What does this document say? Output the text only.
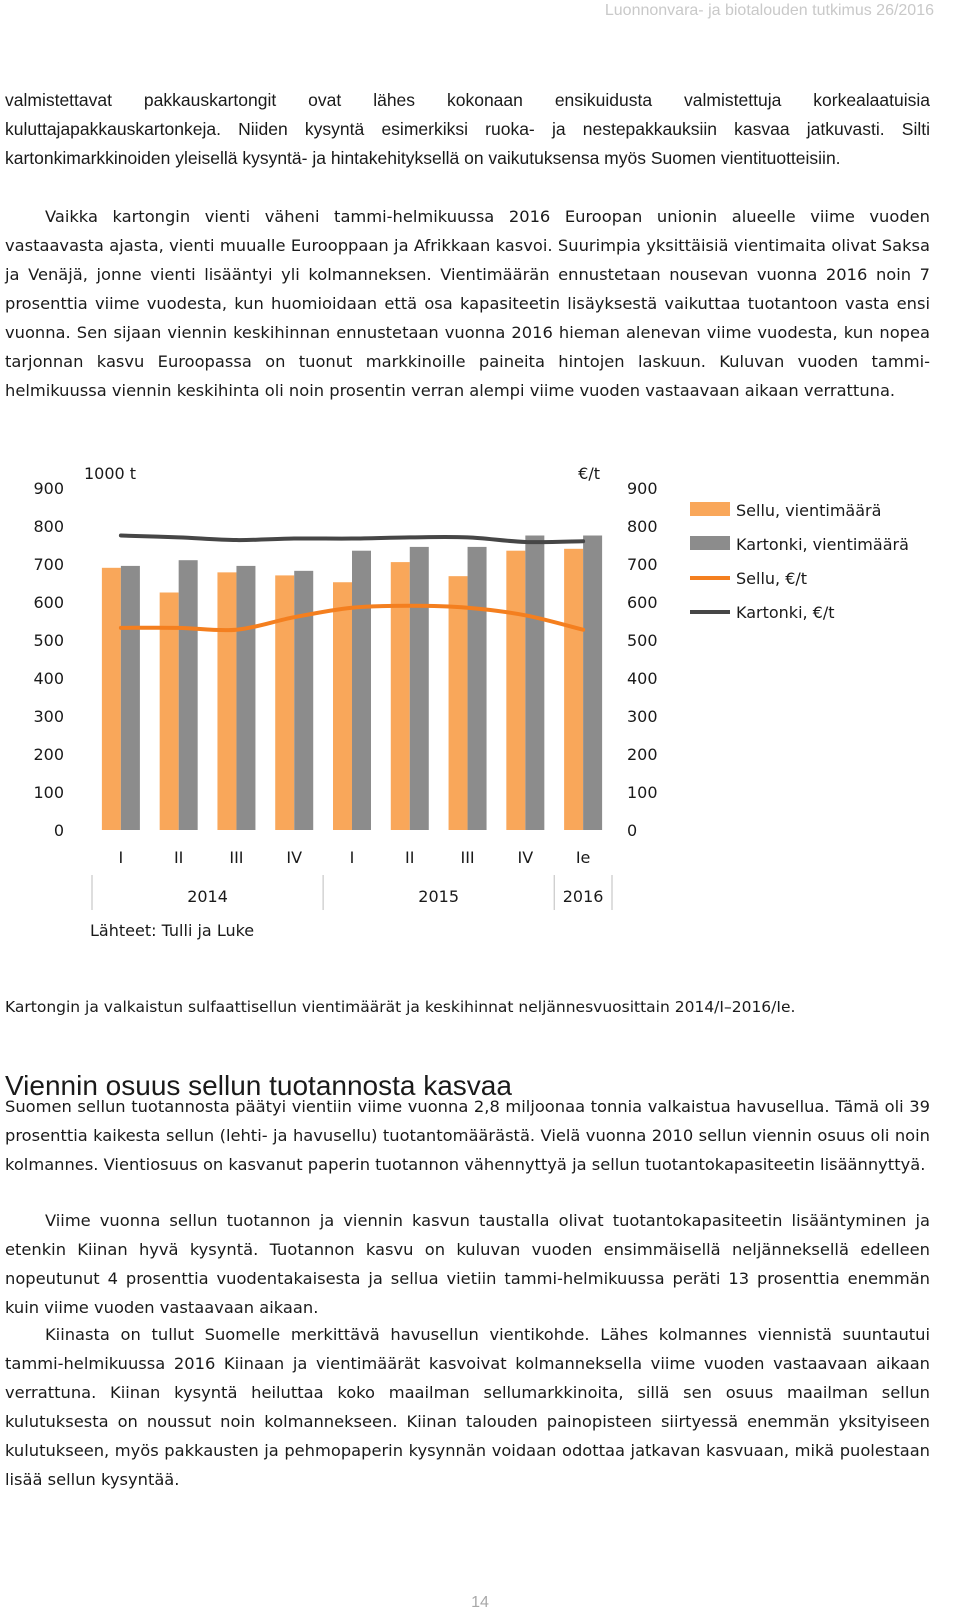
Luonnonvara- ja biotalouden tutkimus 26/2016

valmistettavat pakkauskartongit ovat lähes kokonaan ensikuidusta valmistettuja korkealaatuisia kuluttajapakkauskartonkeja. Niiden kysyntä esimerkiksi ruoka- ja nestepakkauksiin kasvaa jatkuvasti. Silti kartonkimarkkinoiden yleisellä kysyntä- ja hintakehityksellä on vaikutuksensa myös Suomen vientituotteisiin.

Vaikka kartongin vienti väheni tammi-helmikuussa 2016 Euroopan unionin alueelle viime vuoden vastaavasta ajasta, vienti muualle Eurooppaan ja Afrikkaan kasvoi. Suurimpia yksittäisiä vientimaita olivat Saksa ja Venäjä, jonne vienti lisääntyi yli kolmanneksen. Vientimäärän ennustetaan nousevan vuonna 2016 noin 7 prosenttia viime vuodesta, kun huomioidaan että osa kapasiteetin lisäyksestä vaikuttaa tuotantoon vasta ensi vuonna. Sen sijaan viennin keskihinnan ennustetaan vuonna 2016 hieman alenevan viime vuodesta, kun nopea tarjonnan kasvu Euroopassa on tuonut markkinoille paineita hintojen laskuun. Kuluvan vuoden tammi-helmikuussa viennin keskihinta oli noin prosentin verran alempi viime vuoden vastaavaan aikaan verrattuna.

0	0
100	100
200	200
300	300
400	400
500	500
600	600
700	700
800	800
900	900
1000 t	€/t
I	II	III	IV	I	II	III	IV	Ie
2014	2015	2016
Lähteet: Tulli ja Luke
Sellu, vientimäärä
Kartonki, vientimäärä
Sellu, €/t
Kartonki, €/t

Kartongin ja valkaistun sulfaattisellun vientimäärät ja keskihinnat neljännesvuosittain 2014/I–2016/Ie.

Viennin osuus sellun tuotannosta kasvaa

Suomen sellun tuotannosta päätyi vientiin viime vuonna 2,8 miljoonaa tonnia valkaistua havusellua. Tämä oli 39 prosenttia kaikesta sellun (lehti- ja havusellu) tuotantomäärästä. Vielä vuonna 2010 sellun viennin osuus oli noin kolmannes. Vientiosuus on kasvanut paperin tuotannon vähennyttyä ja sellun tuotantokapasiteetin lisäännyttyä.

Viime vuonna sellun tuotannon ja viennin kasvun taustalla olivat tuotantokapasiteetin lisääntyminen ja etenkin Kiinan hyvä kysyntä. Tuotannon kasvu on kuluvan vuoden ensimmäisellä neljänneksellä edelleen nopeutunut 4 prosenttia vuodentakaisesta ja sellua vietiin tammi-helmikuussa peräti 13 prosenttia enemmän kuin viime vuoden vastaavaan aikaan.

Kiinasta on tullut Suomelle merkittävä havusellun vientikohde. Lähes kolmannes viennistä suuntautui tammi-helmikuussa 2016 Kiinaan ja vientimäärät kasvoivat kolmanneksella viime vuoden vastaavaan aikaan verrattuna. Kiinan kysyntä heiluttaa koko maailman sellumarkkinoita, sillä sen osuus maailman sellun kulutuksesta on noussut noin kolmannekseen. Kiinan talouden painopisteen siirtyessä enemmän yksityiseen kulutukseen, myös pakkausten ja pehmopaperin kysynnän voidaan odottaa jatkavan kasvuaan, mikä puolestaan lisää sellun kysyntää.

14
